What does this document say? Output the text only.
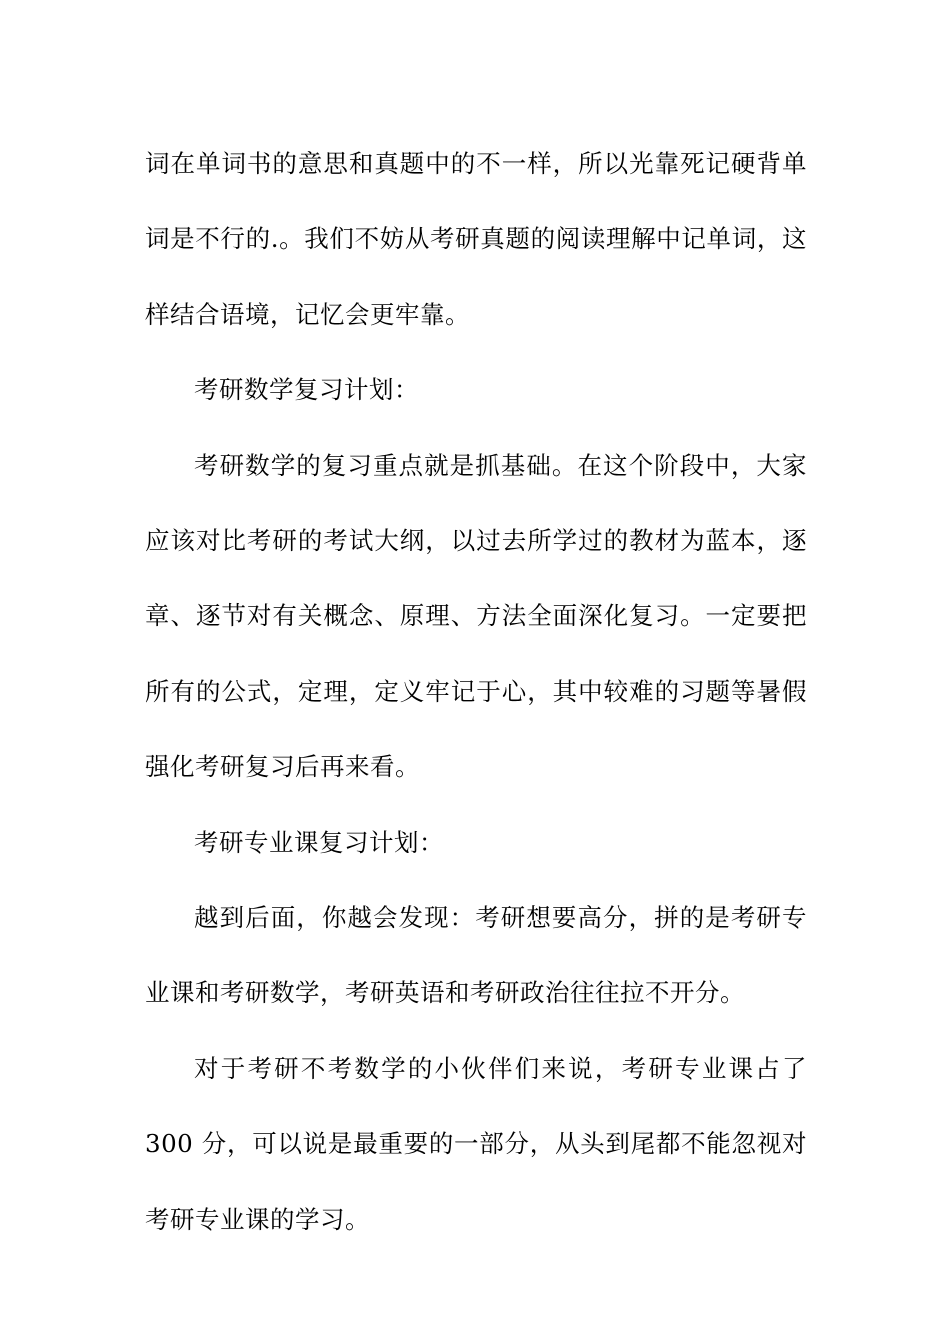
词在单词书的意思和真题中的不一样，所以光靠死记硬背单词是不行的.。我们不妨从考研真题的阅读理解中记单词，这样结合语境，记忆会更牢靠。

考研数学复习计划：

考研数学的复习重点就是抓基础。在这个阶段中，大家应该对比考研的考试大纲，以过去所学过的教材为蓝本，逐章、逐节对有关概念、原理、方法全面深化复习。一定要把所有的公式，定理，定义牢记于心，其中较难的习题等暑假强化考研复习后再来看。

考研专业课复习计划：

越到后面，你越会发现：考研想要高分，拼的是考研专业课和考研数学，考研英语和考研政治往往拉不开分。

对于考研不考数学的小伙伴们来说，考研专业课占了 300 分，可以说是最重要的一部分，从头到尾都不能忽视对考研专业课的学习。
